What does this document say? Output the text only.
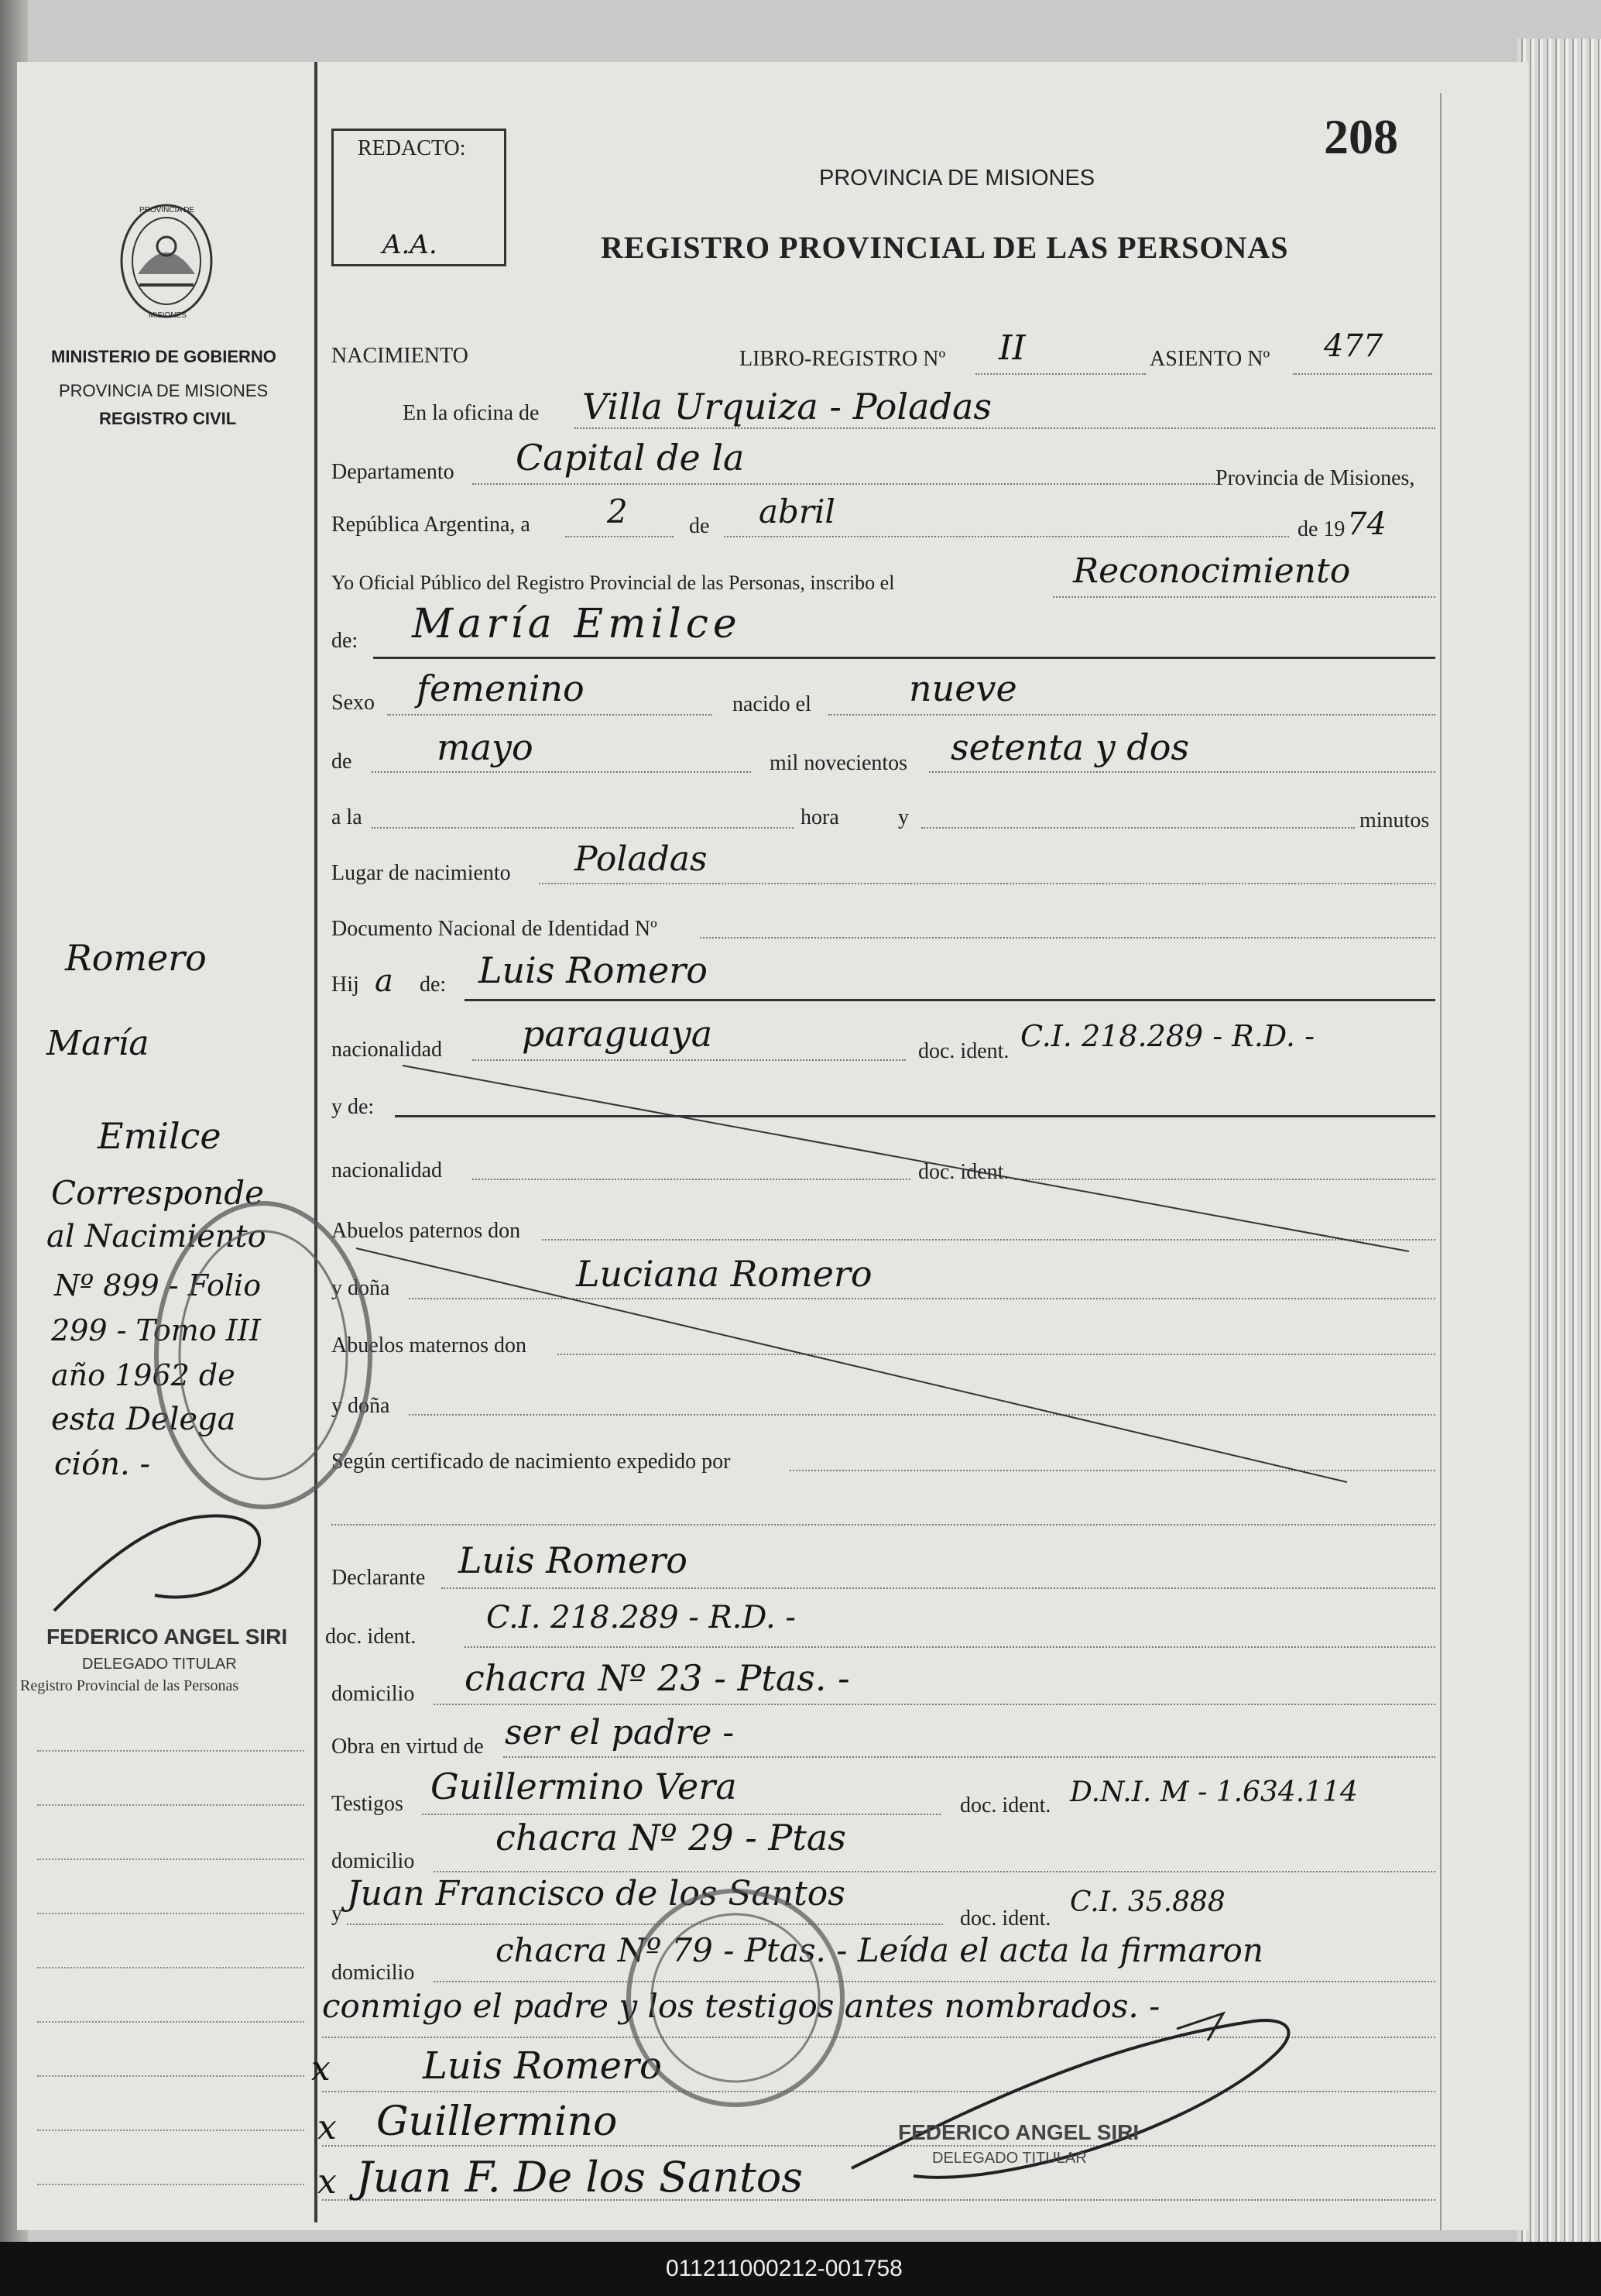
208
REDACTO:
A.A.
PROVINCIA DE MISIONES
REGISTRO PROVINCIAL DE LAS PERSONAS
PROVINCIA DE
MISIONES
MINISTERIO DE GOBIERNO
PROVINCIA DE MISIONES
REGISTRO CIVIL
NACIMIENTO	LIBRO-REGISTRO Nº II	ASIENTO Nº 477
En la oficina de Villa Urquiza - Poladas
Departamento Capital de la	Provincia de Misiones,
República Argentina, a 2	de abril	de 19 74
Yo Oficial Público del Registro Provincial de las Personas, inscribo el	Reconocimiento
de: María Emilce
Sexo femenino	nacido el	nueve
de mayo	mil novecientos setenta y dos
a la	hora	y	minutos
Lugar de nacimiento Poladas
Documento Nacional de Identidad Nº
Hij a de: Luis Romero
nacionalidad paraguaya	doc. ident. C.I. 218.289 - R.D. -
y de:
nacionalidad	doc. ident.
Abuelos paternos don
y doña	Luciana Romero
Abuelos maternos don
y doña
Según certificado de nacimiento expedido por
Declarante Luis Romero
doc. ident.
C.I. 218.289 - R.D. -
domicilio chacra Nº 23 - Ptas. -
Obra en virtud de ser el padre -
Testigos Guillermino Vera	doc. ident. D.N.I. M - 1.634.114
domicilio
chacra Nº 29 - Ptas
y
Juan Francisco de los Santos
doc. ident.
C.I. 35.888
domicilio
chacra Nº 79 - Ptas. - Leída el acta la firmaron
conmigo el padre y los testigos antes nombrados. -
x Luis Romero
x Guillermino
x Juan F. De los Santos
FEDERICO ANGEL SIRI
DELEGADO TITULAR
Romero
María
Emilce
Corresponde
al Nacimiento
Nº 899 - Folio
299 - Tomo III
año 1962 de
esta Delega
ción. -
FEDERICO ANGEL SIRI
DELEGADO TITULAR
Registro Provincial de las Personas
011211000212-001758
